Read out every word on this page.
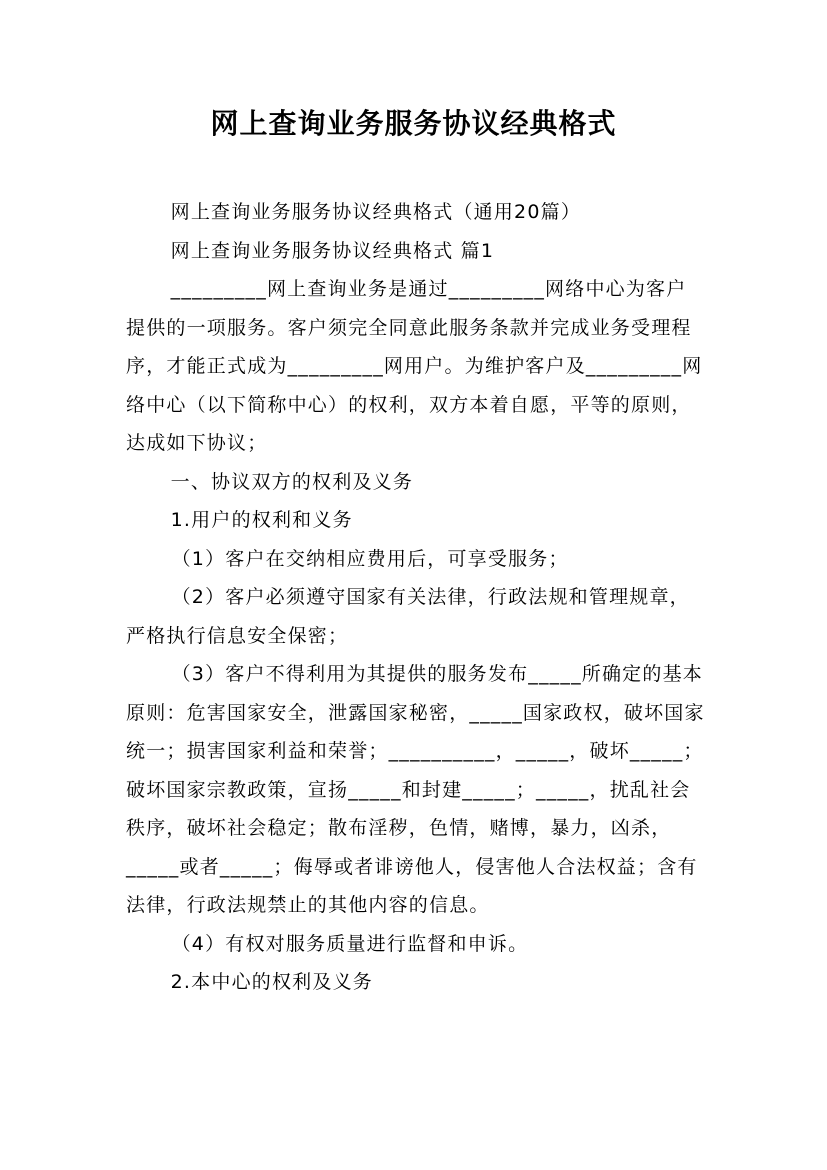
网上查询业务服务协议经典格式

网上查询业务服务协议经典格式（通用20篇）

网上查询业务服务协议经典格式 篇1

_________网上查询业务是通过_________网络中心为客户提供的一项服务。客户须完全同意此服务条款并完成业务受理程序，才能正式成为_________网用户。为维护客户及_________网络中心（以下简称中心）的权利，双方本着自愿，平等的原则，达成如下协议；

一、协议双方的权利及义务

1.用户的权利和义务

（1）客户在交纳相应费用后，可享受服务；

（2）客户必须遵守国家有关法律，行政法规和管理规章，严格执行信息安全保密；

（3）客户不得利用为其提供的服务发布_____所确定的基本原则：危害国家安全，泄露国家秘密，_____国家政权，破坏国家统一；损害国家利益和荣誉；__________，_____，破坏_____；破坏国家宗教政策，宣扬_____和封建_____；_____，扰乱社会秩序，破坏社会稳定；散布淫秽，色情，赌博，暴力，凶杀，_____或者_____；侮辱或者诽谤他人，侵害他人合法权益；含有法律，行政法规禁止的其他内容的信息。

（4）有权对服务质量进行监督和申诉。

2.本中心的权利及义务
